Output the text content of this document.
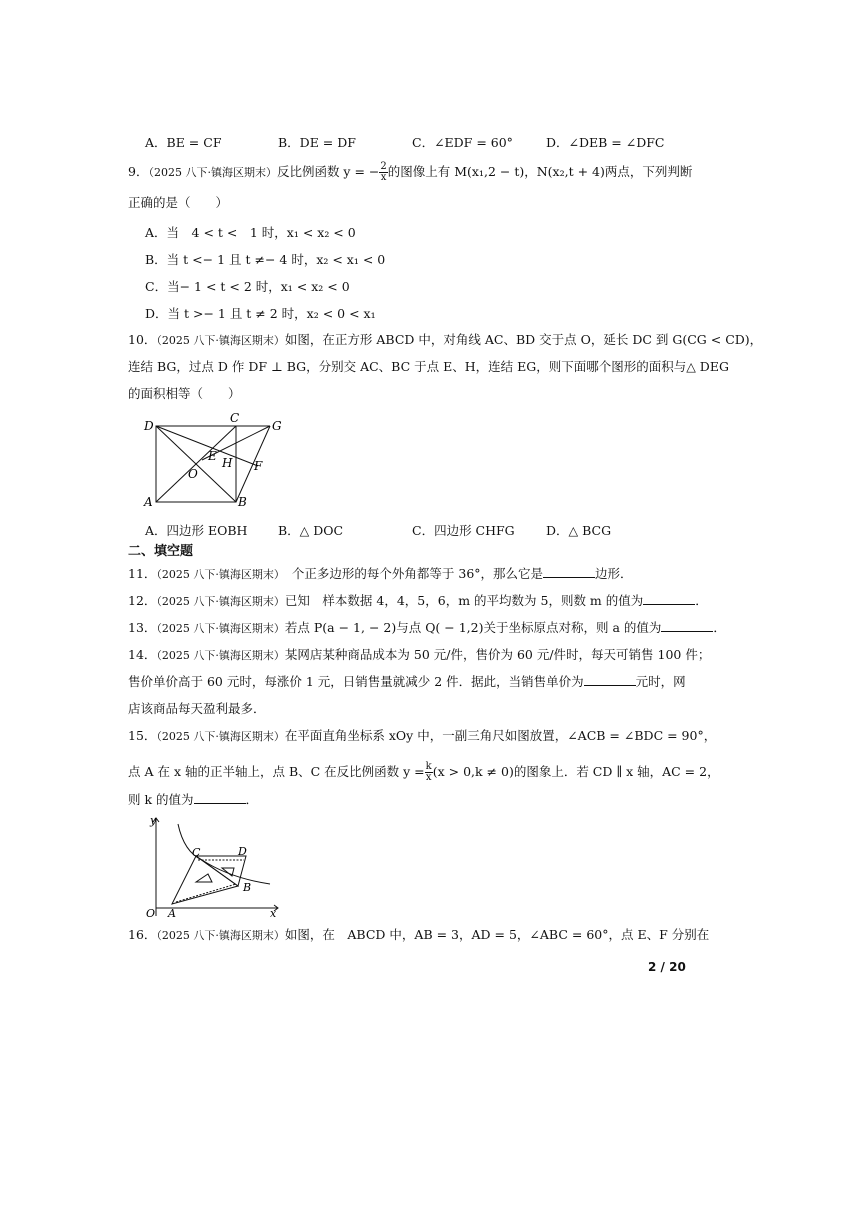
A．BE = CF	B．DE = DF	C．∠EDF = 60°	D．∠DEB = ∠DFC
9．（2025 八下·镇海区期末）反比例函数 y = − $\frac{2}{x}$ 的图像上有 M(x₁,2 − t)，N(x₂,t + 4)两点，下列判断
正确的是（　　）
A．当　4 < t <　1 时，x₁ < x₂ < 0
B．当 t <− 1 且 t ≠− 4 时，x₂ < x₁ < 0
C．当− 1 < t < 2 时，x₁ < x₂ < 0
D．当 t >− 1 且 t ≠ 2 时，x₂ < 0 < x₁
10．（2025 八下·镇海区期末）如图，在正方形 ABCD 中，对角线 AC、BD 交于点 O，延长 DC 到 G(CG < CD)，
连结 BG，过点 D 作 DF ⊥ BG，分别交 AC、BC 于点 E、H，连结 EG，则下面哪个图形的面积与△ DEG
的面积相等（　　）
D
C
G
E H F
O
A	B
A．四边形 EOBH B．△ DOC	C．四边形 CHFG	D．△ BCG
二、填空题
11．（2025 八下·镇海区期末）　个正多边形的每个外角都等于 36°，那么它是	边形．
12．（2025 八下·镇海区期末）已知　样本数据 4，4，5，6，m 的平均数为 5，则数 m 的值为	．
13．（2025 八下·镇海区期末）若点 P(a − 1, − 2)与点 Q( − 1,2)关于坐标原点对称，则 a 的值为	．
14．（2025 八下·镇海区期末）某网店某种商品成本为 50 元/件，售价为 60 元/件时，每天可销售 100 件；
售价单价高于 60 元时，每涨价 1 元，日销售量就减少 2 件．据此，当销售单价为	元时，网
店该商品每天盈利最多．
15．（2025 八下·镇海区期末）在平面直角坐标系 xOy 中，一副三角尺如图放置，∠ACB = ∠BDC = 90°，
点 A 在 x 轴的正半轴上，点 B、C 在反比例函数 $y = \frac{k}{x} (x > 0,k \ne 0)$的图象上．若 CD ∥ x 轴，AC = 2，
则 k 的值为	．
y
C	D
B
O A	x
16．（2025 八下·镇海区期末）如图，在　ABCD 中，AB = 3，AD = 5，∠ABC = 60°，点 E、F 分别在
2 / 20
